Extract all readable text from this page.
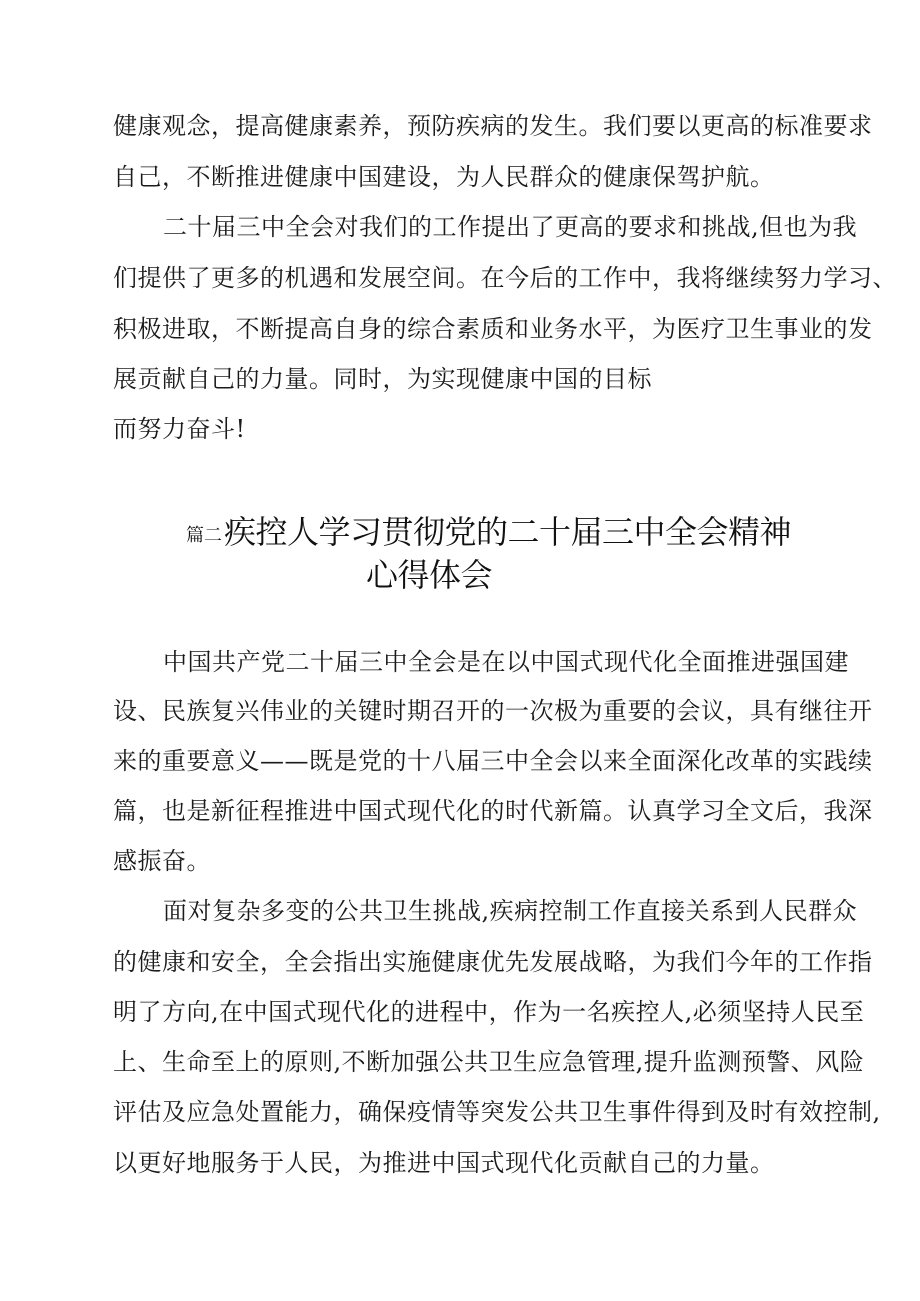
健康观念，提高健康素养，预防疾病的发生。我们要以更高的标准要求
自己，不断推进健康中国建设，为人民群众的健康保驾护航。
二十届三中全会对我们的工作提出了更高的要求和挑战,但也为我
们提供了更多的机遇和发展空间。在今后的工作中，我将继续努力学习、
积极进取，不断提高自身的综合素质和业务水平，为医疗卫生事业的发
展贡献自己的力量。同时，为实现健康中国的目标
而努力奋斗!
篇二疾控人学习贯彻党的二十届三中全会精神
心得体会
中国共产党二十届三中全会是在以中国式现代化全面推进强国建
设、民族复兴伟业的关键时期召开的一次极为重要的会议，具有继往开
来的重要意义——既是党的十八届三中全会以来全面深化改革的实践续
篇，也是新征程推进中国式现代化的时代新篇。认真学习全文后，我深
感振奋。
面对复杂多变的公共卫生挑战,疾病控制工作直接关系到人民群众
的健康和安全，全会指出实施健康优先发展战略，为我们今年的工作指
明了方向,在中国式现代化的进程中，作为一名疾控人,必须坚持人民至
上、生命至上的原则,不断加强公共卫生应急管理,提升监测预警、风险
评估及应急处置能力，确保疫情等突发公共卫生事件得到及时有效控制,
以更好地服务于人民，为推进中国式现代化贡献自己的力量。
